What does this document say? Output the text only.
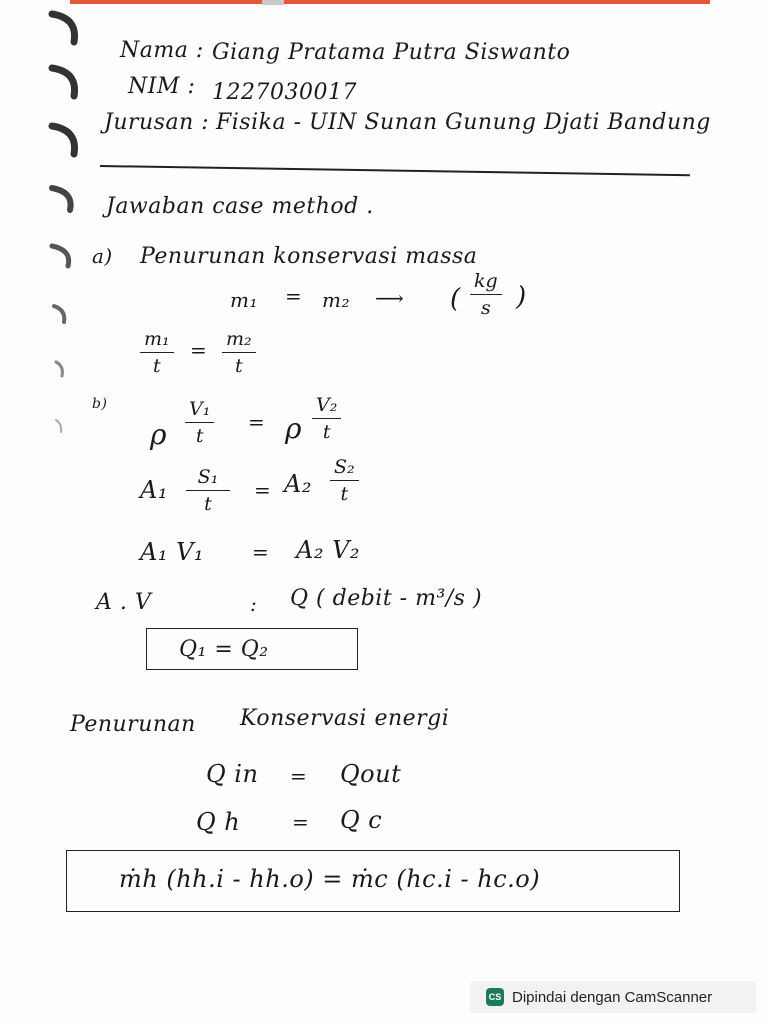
Nama : Giang Pratama Putra Siswanto
NIM : 1227030017
Jurusan : Fisika - UIN Sunan Gunung Djati Bandung
Jawaban case method .
a) Penurunan konservasi massa
m₁ = m₂ ⟶ (
kg
s )
m₁
t
= m₂
t
b)
ρ
V₁
t
= ρ
V₂
t
A₁ S₁
t
= A₂
S₂
t
A₁ V₁ = A₂ V₂
A . V	: Q ( debit - m³/s )
Q₁ = Q₂
Penurunan Konservasi energi
Q in = Qout
Q h	= Q c
ṁh (hh.i - hh.o) = ṁc (hc.i - hc.o)
CS Dipindai dengan CamScanner
